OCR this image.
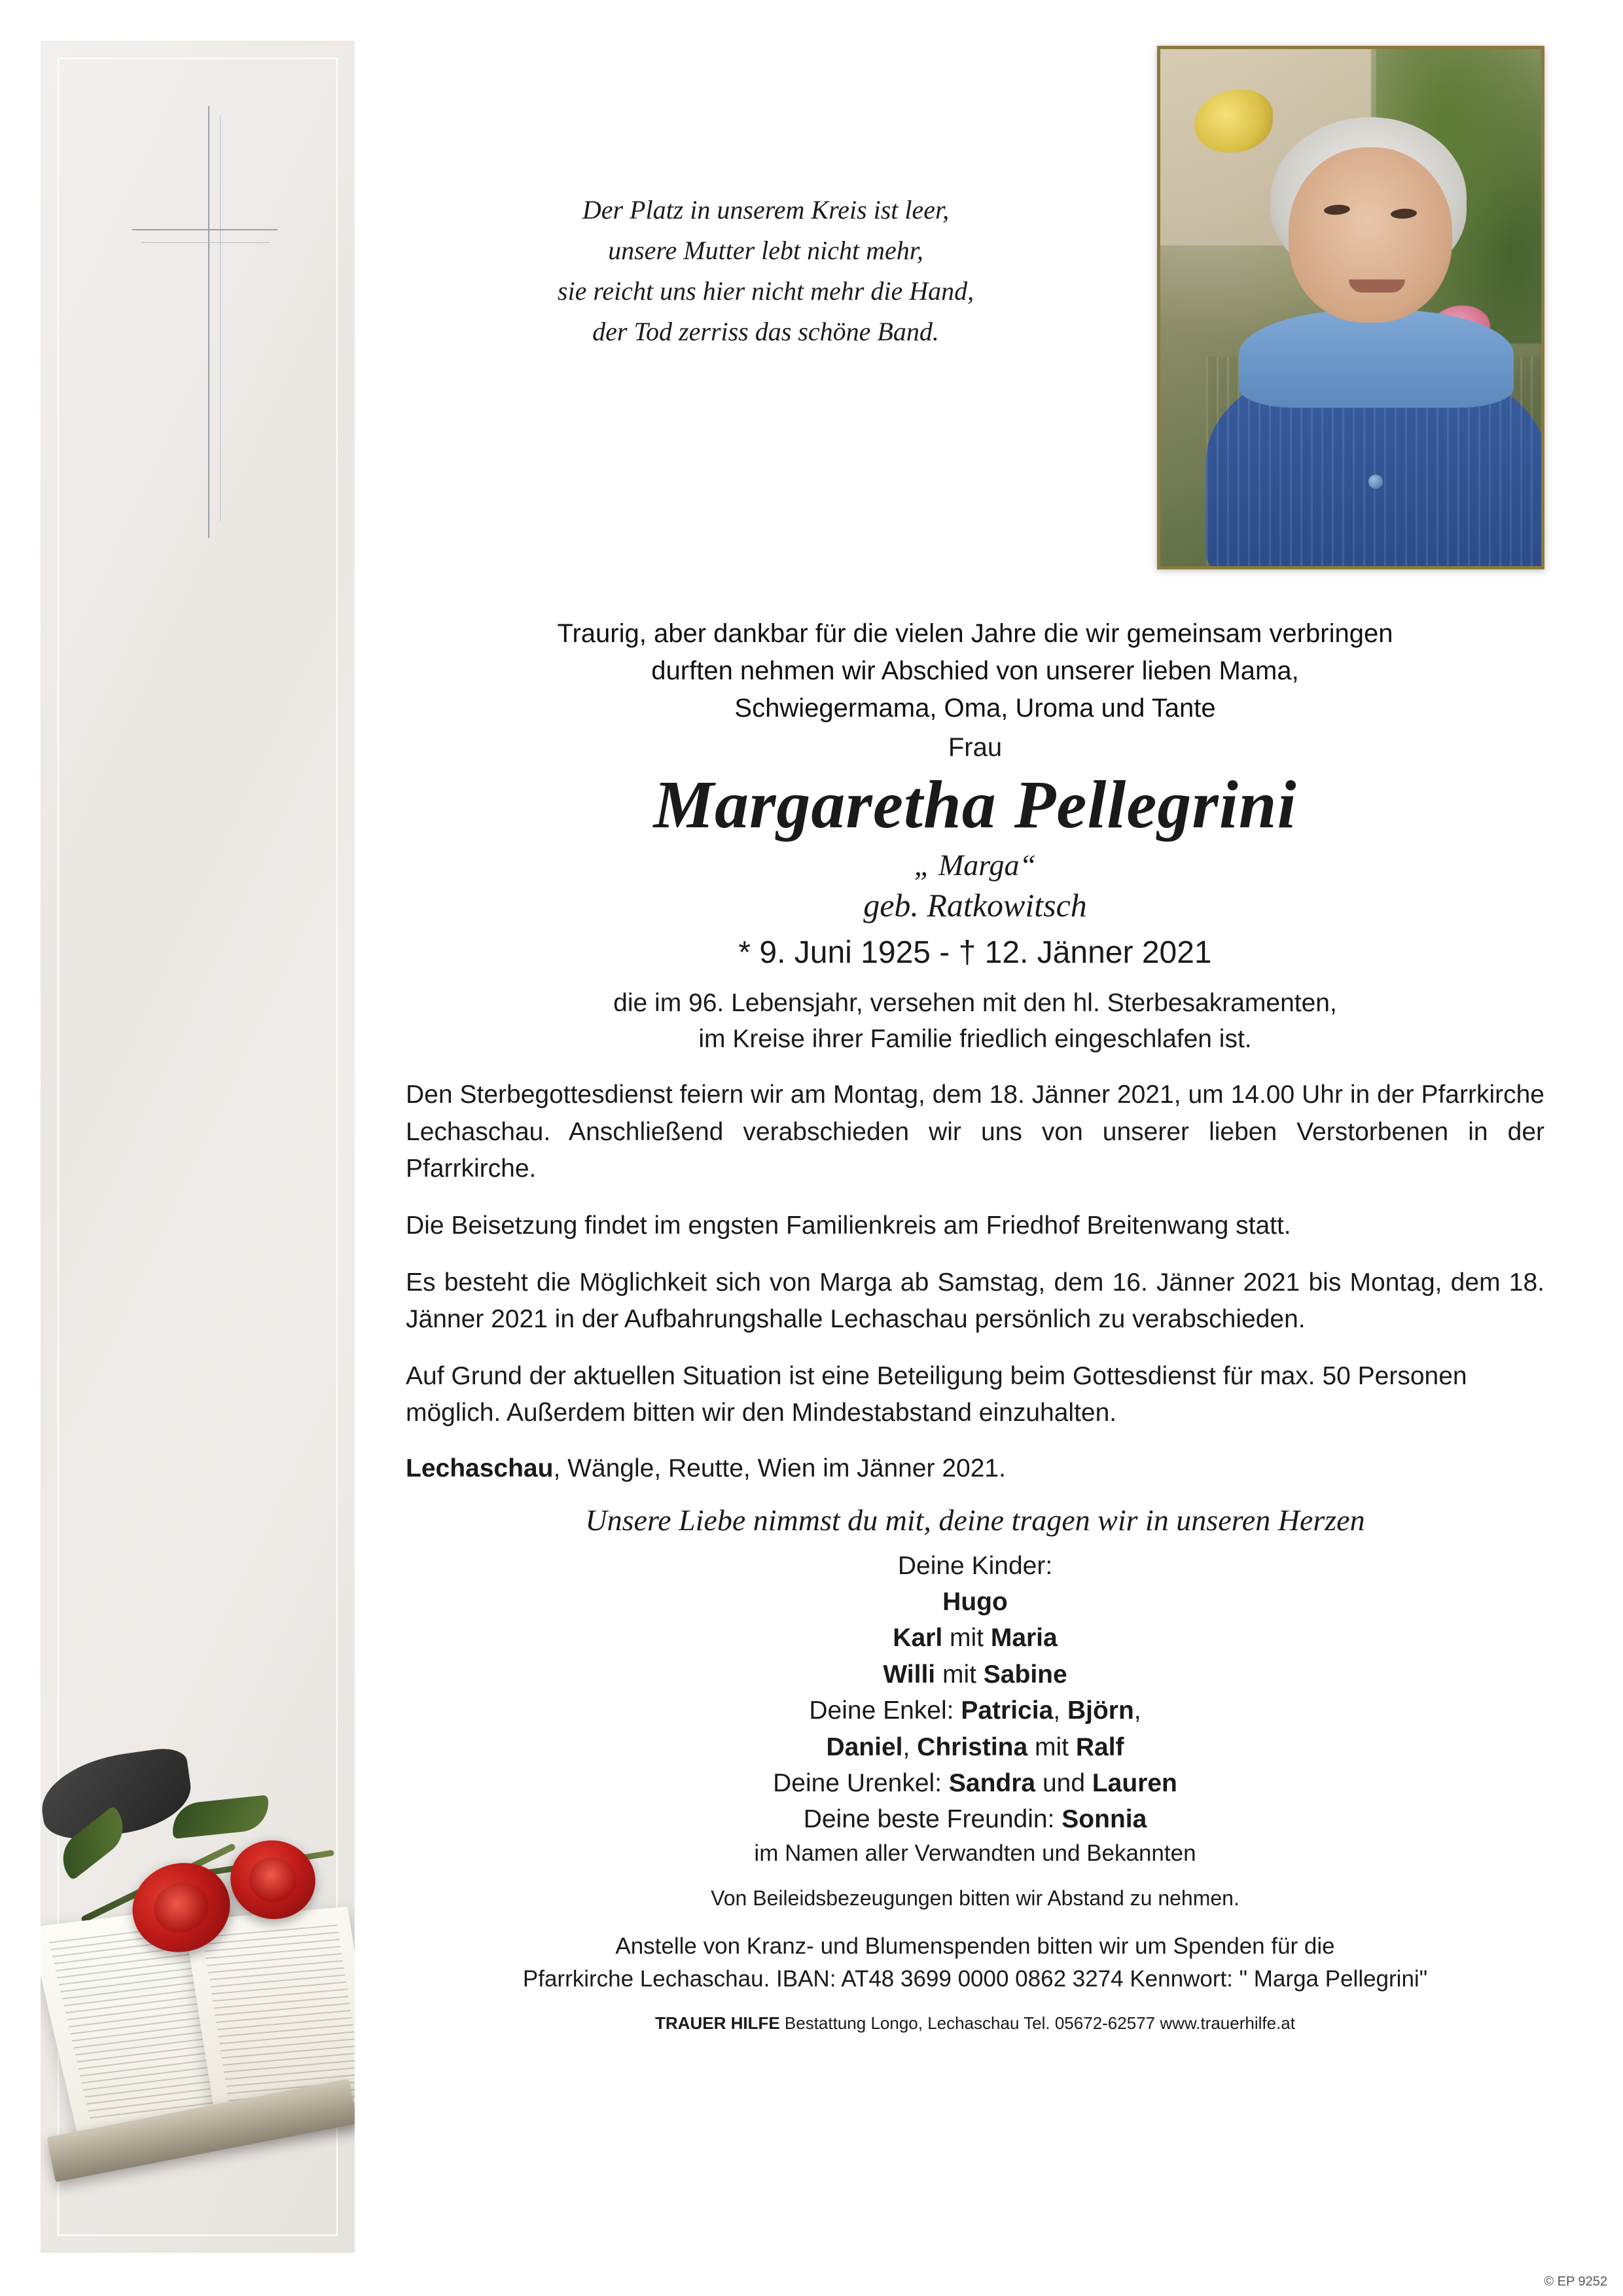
Der Platz in unserem Kreis ist leer,
unsere Mutter lebt nicht mehr,
sie reicht uns hier nicht mehr die Hand,
der Tod zerriss das schöne Band.
Traurig, aber dankbar für die vielen Jahre die wir gemeinsam verbringen
durften nehmen wir Abschied von unserer lieben Mama,
Schwiegermama, Oma, Uroma und Tante
Frau
Margaretha Pellegrini
„ Marga“
geb. Ratkowitsch
* 9. Juni 1925 - † 12. Jänner 2021
die im 96. Lebensjahr, versehen mit den hl. Sterbesakramenten,
im Kreise ihrer Familie friedlich eingeschlafen ist.
Den Sterbegottesdienst feiern wir am Montag, dem 18. Jänner 2021, um 14.00 Uhr in der Pfarrkirche Lechaschau. Anschließend verabschieden wir uns von unserer lieben Verstorbenen in der Pfarrkirche.
Die Beisetzung findet im engsten Familienkreis am Friedhof Breitenwang statt.
Es besteht die Möglichkeit sich von Marga ab Samstag, dem 16. Jänner 2021 bis Montag, dem 18. Jänner 2021 in der Aufbahrungshalle Lechaschau persönlich zu verabschieden.
Auf Grund der aktuellen Situation ist eine Beteiligung beim Gottesdienst für max. 50 Personen möglich. Außerdem bitten wir den Mindestabstand einzuhalten.
Lechaschau, Wängle, Reutte, Wien im Jänner 2021.
Unsere Liebe nimmst du mit, deine tragen wir in unseren Herzen
Deine Kinder:
Hugo
Karl mit Maria
Willi mit Sabine
Deine Enkel: Patricia, Björn,
Daniel, Christina mit Ralf
Deine Urenkel: Sandra und Lauren
Deine beste Freundin: Sonnia
im Namen aller Verwandten und Bekannten
Von Beileidsbezeugungen bitten wir Abstand zu nehmen.
Anstelle von Kranz- und Blumenspenden bitten wir um Spenden für die
Pfarrkirche Lechaschau. IBAN: AT48 3699 0000 0862 3274 Kennwort: " Marga Pellegrini"
TRAUER HILFE Bestattung Longo, Lechaschau Tel. 05672-62577 www.trauerhilfe.at
© EP 9252
